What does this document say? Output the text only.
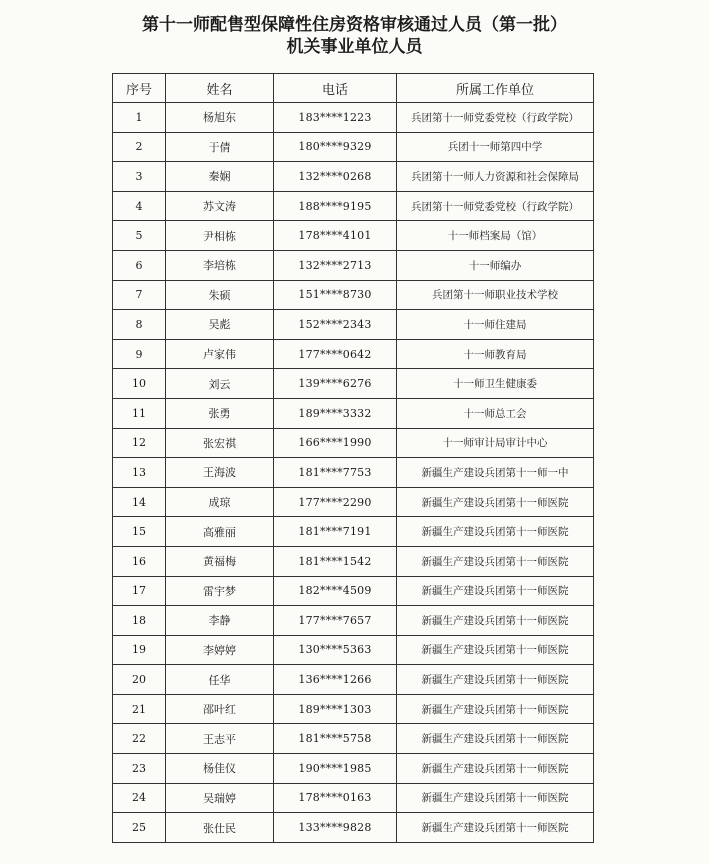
第十一师配售型保障性住房资格审核通过人员（第一批）
机关事业单位人员
序号	姓名	电话	所属工作单位
1	杨旭东	183****1223	兵团第十一师党委党校（行政学院）
2	于倩	180****9329	兵团十一师第四中学
3	秦娴	132****0268	兵团第十一师人力资源和社会保障局
4	苏文涛	188****9195	兵团第十一师党委党校（行政学院）
5	尹相栋	178****4101	十一师档案局（馆）
6	李培栋	132****2713	十一师编办
7	朱硕	151****8730	兵团第十一师职业技术学校
8	吴彪	152****2343	十一师住建局
9	卢家伟	177****0642	十一师教育局
10	刘云	139****6276	十一师卫生健康委
11	张勇	189****3332	十一师总工会
12	张宏祺	166****1990	十一师审计局审计中心
13	王海波	181****7753	新疆生产建设兵团第十一师一中
14	成琼	177****2290	新疆生产建设兵团第十一师医院
15	高雅丽	181****7191	新疆生产建设兵团第十一师医院
16	黄福梅	181****1542	新疆生产建设兵团第十一师医院
17	雷宇梦	182****4509	新疆生产建设兵团第十一师医院
18	李静	177****7657	新疆生产建设兵团第十一师医院
19	李婷婷	130****5363	新疆生产建设兵团第十一师医院
20	任华	136****1266	新疆生产建设兵团第十一师医院
21	邵叶红	189****1303	新疆生产建设兵团第十一师医院
22	王志平	181****5758	新疆生产建设兵团第十一师医院
23	杨佳仪	190****1985	新疆生产建设兵团第十一师医院
24	吴瑞婷	178****0163	新疆生产建设兵团第十一师医院
25	张仕民	133****9828	新疆生产建设兵团第十一师医院
